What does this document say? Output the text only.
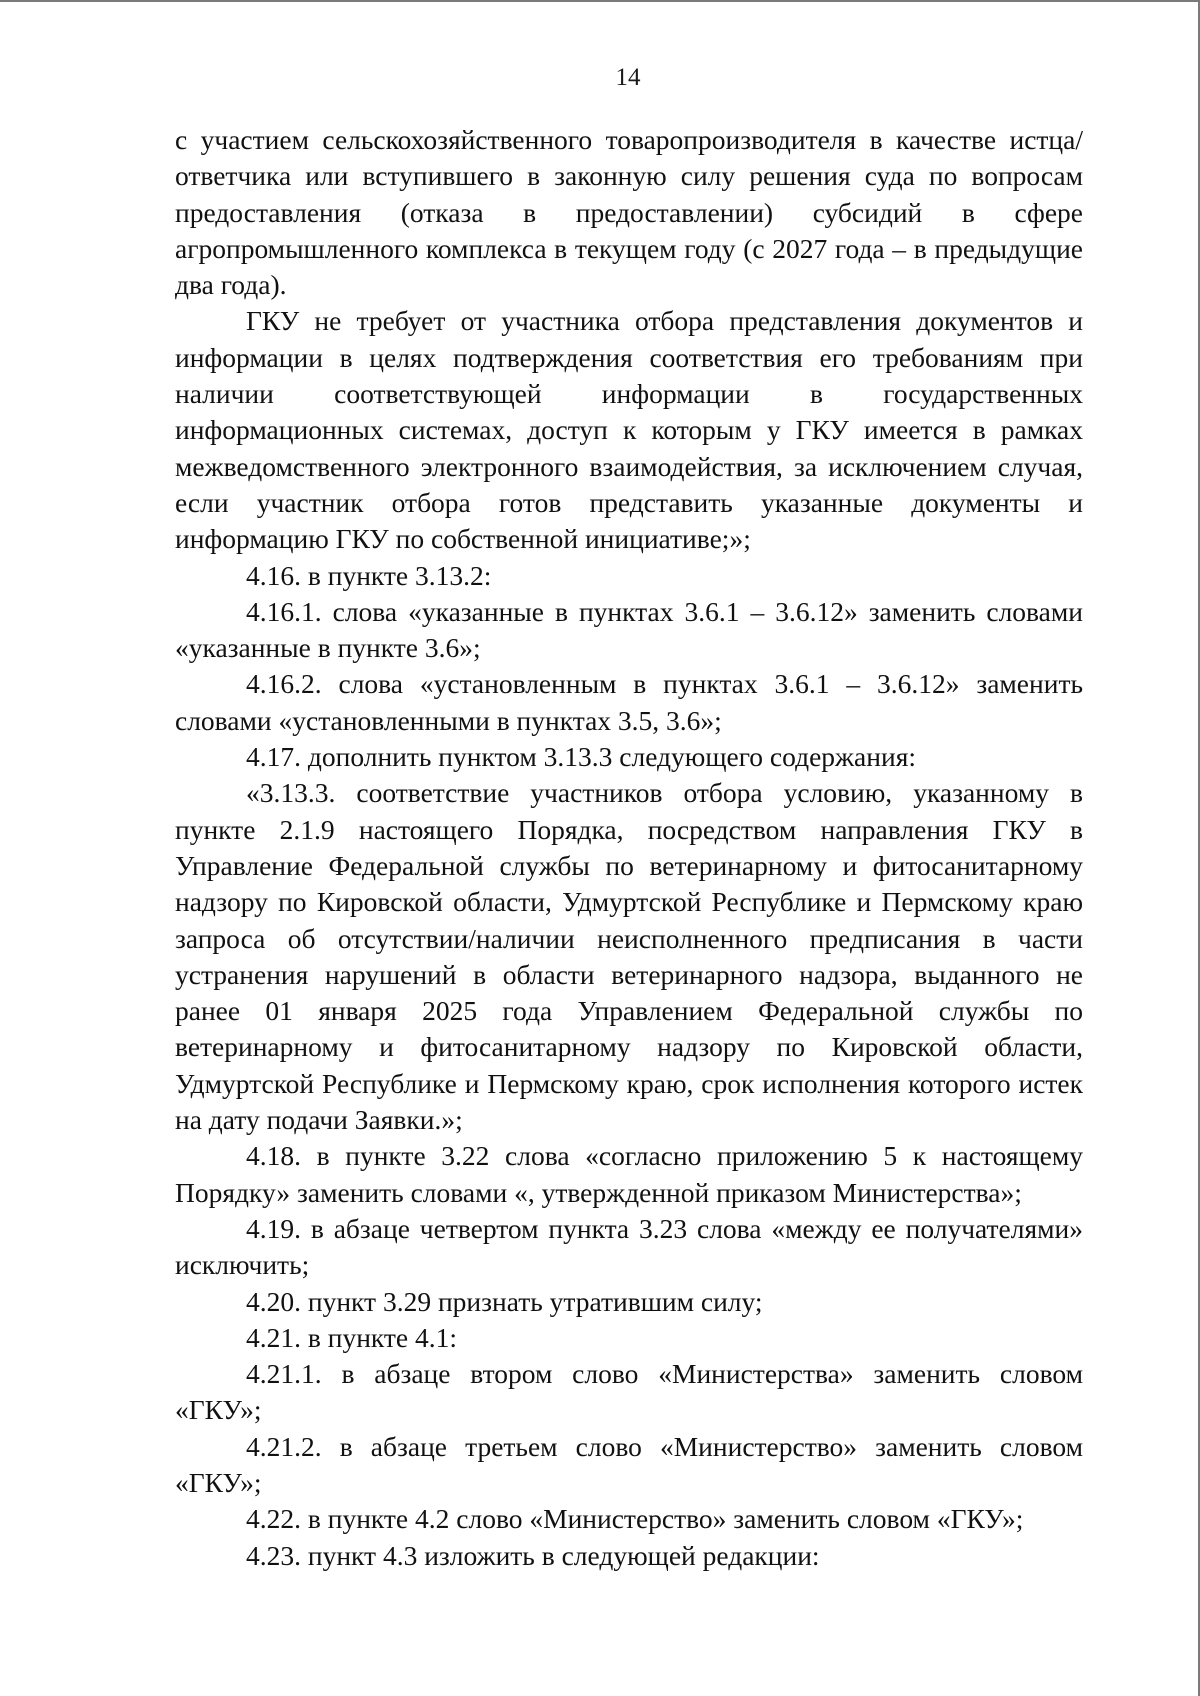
14

с участием сельскохозяйственного товаропроизводителя в качестве истца/ответчика или вступившего в законную силу решения суда по вопросам предоставления (отказа в предоставлении) субсидий в сфере агропромышленного комплекса в текущем году (с 2027 года – в предыдущие два года).

ГКУ не требует от участника отбора представления документов и информации в целях подтверждения соответствия его требованиям при наличии соответствующей информации в государственных информационных системах, доступ к которым у ГКУ имеется в рамках межведомственного электронного взаимодействия, за исключением случая, если участник отбора готов представить указанные документы и информацию ГКУ по собственной инициативе;»;

4.16. в пункте 3.13.2:

4.16.1. слова «указанные в пунктах 3.6.1 – 3.6.12» заменить словами «указанные в пункте 3.6»;

4.16.2. слова «установленным в пунктах 3.6.1 – 3.6.12» заменить словами «установленными в пунктах 3.5, 3.6»;

4.17. дополнить пунктом 3.13.3 следующего содержания:

«3.13.3. соответствие участников отбора условию, указанному в пункте 2.1.9 настоящего Порядка, посредством направления ГКУ в Управление Федеральной службы по ветеринарному и фитосанитарному надзору по Кировской области, Удмуртской Республике и Пермскому краю запроса об отсутствии/наличии неисполненного предписания в части устранения нарушений в области ветеринарного надзора, выданного не ранее 01 января 2025 года Управлением Федеральной службы по ветеринарному и фитосанитарному надзору по Кировской области, Удмуртской Республике и Пермскому краю, срок исполнения которого истек на дату подачи Заявки.»;

4.18. в пункте 3.22 слова «согласно приложению 5 к настоящему Порядку» заменить словами «, утвержденной приказом Министерства»;

4.19. в абзаце четвертом пункта 3.23 слова «между ее получателями» исключить;

4.20. пункт 3.29 признать утратившим силу;

4.21. в пункте 4.1:

4.21.1. в абзаце втором слово «Министерства» заменить словом «ГКУ»;

4.21.2. в абзаце третьем слово «Министерство» заменить словом «ГКУ»;

4.22. в пункте 4.2 слово «Министерство» заменить словом «ГКУ»;

4.23. пункт 4.3 изложить в следующей редакции:
